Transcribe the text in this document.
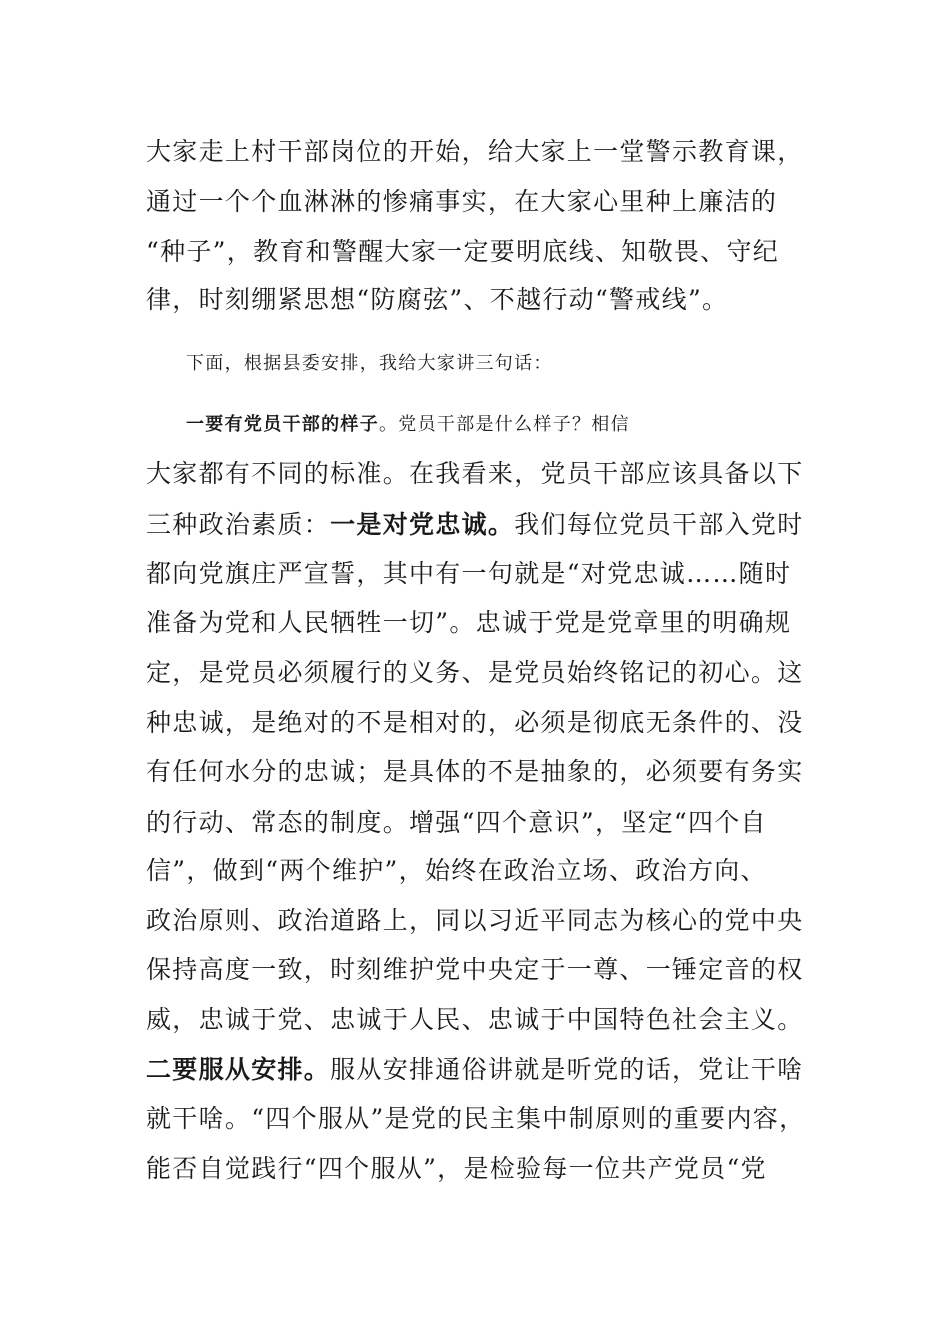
大家走上村干部岗位的开始，给大家上一堂警示教育课，
通过一个个血淋淋的惨痛事实，在大家心里种上廉洁的
“种子”，教育和警醒大家一定要明底线、知敬畏、守纪
律，时刻绷紧思想“防腐弦”、不越行动“警戒线”。
下面，根据县委安排，我给大家讲三句话：
一要有党员干部的样子。党员干部是什么样子？相信
大家都有不同的标准。在我看来，党员干部应该具备以下
三种政治素质：一是对党忠诚。我们每位党员干部入党时
都向党旗庄严宣誓，其中有一句就是“对党忠诚……随时
准备为党和人民牺牲一切”。忠诚于党是党章里的明确规
定，是党员必须履行的义务、是党员始终铭记的初心。这
种忠诚，是绝对的不是相对的，必须是彻底无条件的、没
有任何水分的忠诚；是具体的不是抽象的，必须要有务实
的行动、常态的制度。增强“四个意识”，坚定“四个自
信”，做到“两个维护”，始终在政治立场、政治方向、
政治原则、政治道路上，同以习近平同志为核心的党中央
保持高度一致，时刻维护党中央定于一尊、一锤定音的权
威，忠诚于党、忠诚于人民、忠诚于中国特色社会主义。
二要服从安排。服从安排通俗讲就是听党的话，党让干啥
就干啥。“四个服从”是党的民主集中制原则的重要内容，
能否自觉践行“四个服从”，是检验每一位共产党员“党
